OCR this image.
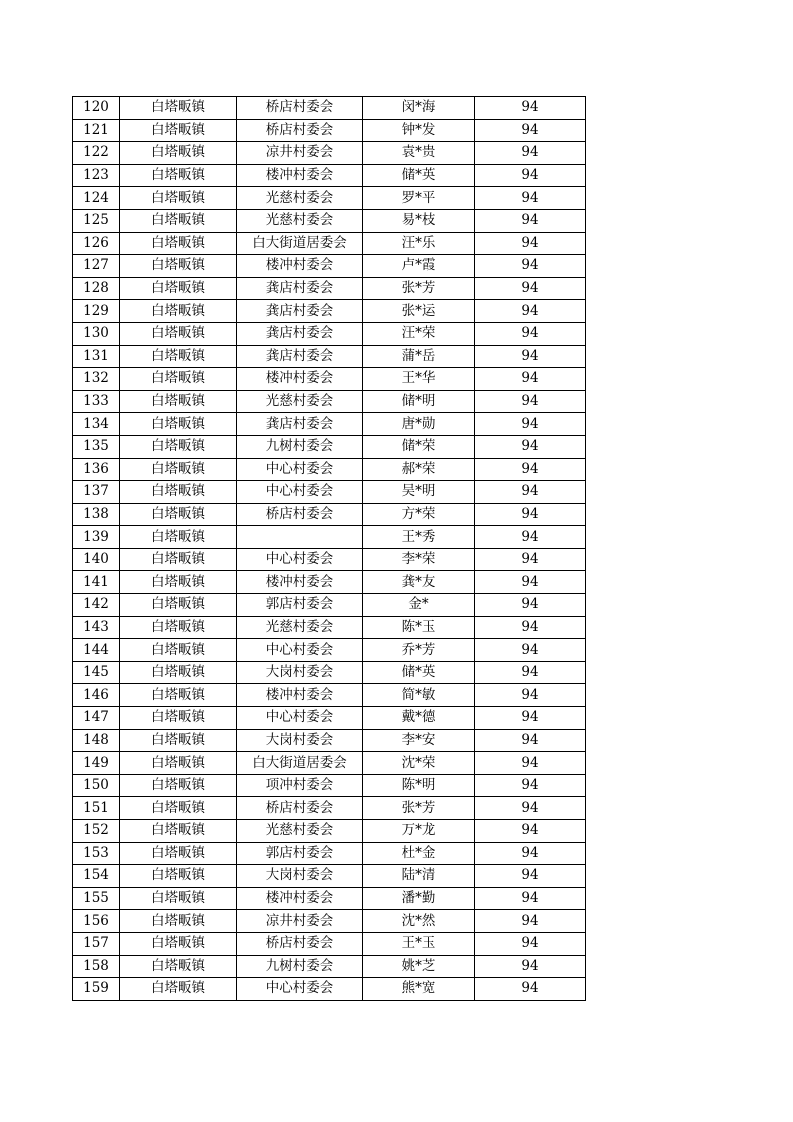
120	白塔畈镇	桥店村委会	闵*海	94
121	白塔畈镇	桥店村委会	钟*发	94
122	白塔畈镇	凉井村委会	袁*贵	94
123	白塔畈镇	楼冲村委会	储*英	94
124	白塔畈镇	光慈村委会	罗*平	94
125	白塔畈镇	光慈村委会	易*枝	94
126	白塔畈镇	白大街道居委会	汪*乐	94
127	白塔畈镇	楼冲村委会	卢*霞	94
128	白塔畈镇	龚店村委会	张*芳	94
129	白塔畈镇	龚店村委会	张*运	94
130	白塔畈镇	龚店村委会	汪*荣	94
131	白塔畈镇	龚店村委会	蒲*岳	94
132	白塔畈镇	楼冲村委会	王*华	94
133	白塔畈镇	光慈村委会	储*明	94
134	白塔畈镇	龚店村委会	唐*勋	94
135	白塔畈镇	九树村委会	储*荣	94
136	白塔畈镇	中心村委会	郝*荣	94
137	白塔畈镇	中心村委会	吴*明	94
138	白塔畈镇	桥店村委会	方*荣	94
139	白塔畈镇		王*秀	94
140	白塔畈镇	中心村委会	李*荣	94
141	白塔畈镇	楼冲村委会	龚*友	94
142	白塔畈镇	郭店村委会	金*	94
143	白塔畈镇	光慈村委会	陈*玉	94
144	白塔畈镇	中心村委会	乔*芳	94
145	白塔畈镇	大岗村委会	储*英	94
146	白塔畈镇	楼冲村委会	简*敏	94
147	白塔畈镇	中心村委会	戴*德	94
148	白塔畈镇	大岗村委会	李*安	94
149	白塔畈镇	白大街道居委会	沈*荣	94
150	白塔畈镇	项冲村委会	陈*明	94
151	白塔畈镇	桥店村委会	张*芳	94
152	白塔畈镇	光慈村委会	万*龙	94
153	白塔畈镇	郭店村委会	杜*金	94
154	白塔畈镇	大岗村委会	陆*清	94
155	白塔畈镇	楼冲村委会	潘*勤	94
156	白塔畈镇	凉井村委会	沈*然	94
157	白塔畈镇	桥店村委会	王*玉	94
158	白塔畈镇	九树村委会	姚*芝	94
159	白塔畈镇	中心村委会	熊*宽	94
